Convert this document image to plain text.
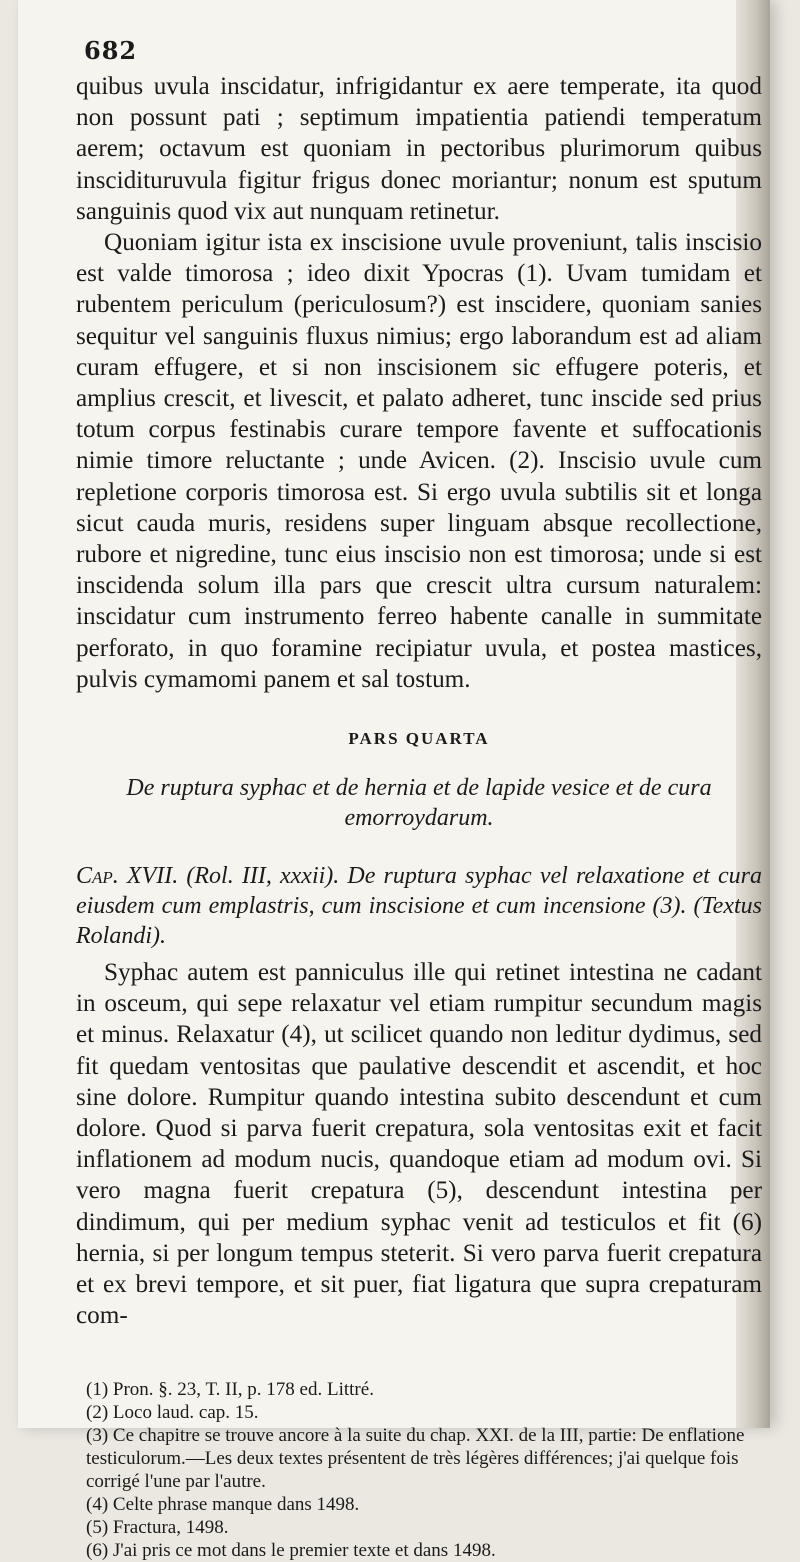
682

quibus uvula inscidatur, infrigidantur ex aere temperate, ita quod non possunt pati ; septimum impatientia patiendi temperatum aerem; octavum est quoniam in pectoribus plurimorum quibus inscidituruvula figitur frigus donec moriantur; nonum est sputum sanguinis quod vix aut nunquam retinetur.

Quoniam igitur ista ex inscisione uvule proveniunt, talis inscisio est valde timorosa ; ideo dixit Ypocras (1). Uvam tumidam et rubentem periculum (periculosum?) est inscidere, quoniam sanies sequitur vel sanguinis fluxus nimius; ergo laborandum est ad aliam curam effugere, et si non inscisionem sic effugere poteris, et amplius crescit, et livescit, et palato adheret, tunc inscide sed prius totum corpus festinabis curare tempore favente et suffocationis nimie timore reluctante ; unde Avicen. (2). Inscisio uvule cum repletione corporis timorosa est. Si ergo uvula subtilis sit et longa sicut cauda muris, residens super linguam absque recollectione, rubore et nigredine, tunc eius inscisio non est timorosa; unde si est inscidenda solum illa pars que crescit ultra cursum naturalem: inscidatur cum instrumento ferreo habente canalle in summitate perforato, in quo foramine recipiatur uvula, et postea mastices, pulvis cymamomi panem et sal tostum.

PARS QUARTA
De ruptura syphac et de hernia et de lapide vesice et de cura emorroydarum.
Cap. XVII. (Rol. III, xxxii). De ruptura syphac vel relaxatione et cura eiusdem cum emplastris, cum inscisione et cum incensione (3). (Textus Rolandi).

Syphac autem est panniculus ille qui retinet intestina ne cadant in osceum, qui sepe relaxatur vel etiam rumpitur secundum magis et minus. Relaxatur (4), ut scilicet quando non leditur dydimus, sed fit quedam ventositas que paulative descendit et ascendit, et hoc sine dolore. Rumpitur quando intestina subito descendunt et cum dolore. Quod si parva fuerit crepatura, sola ventositas exit et facit inflationem ad modum nucis, quandoque etiam ad modum ovi. Si vero magna fuerit crepatura (5), descendunt intestina per dindimum, qui per medium syphac venit ad testiculos et fit (6) hernia, si per longum tempus steterit. Si vero parva fuerit crepatura et ex brevi tempore, et sit puer, fiat ligatura que supra crepaturam com-

(1) Pron. §. 23, T. II, p. 178 ed. Littré.

(2) Loco laud. cap. 15.

(3) Ce chapitre se trouve ancore à la suite du chap. XXI. de la III, partie: De enflatione testiculorum.—Les deux textes présentent de très légères différences; j'ai quelque fois corrigé l'une par l'autre.

(4) Celte phrase manque dans 1498.

(5) Fractura, 1498.

(6) J'ai pris ce mot dans le premier texte et dans 1498.
